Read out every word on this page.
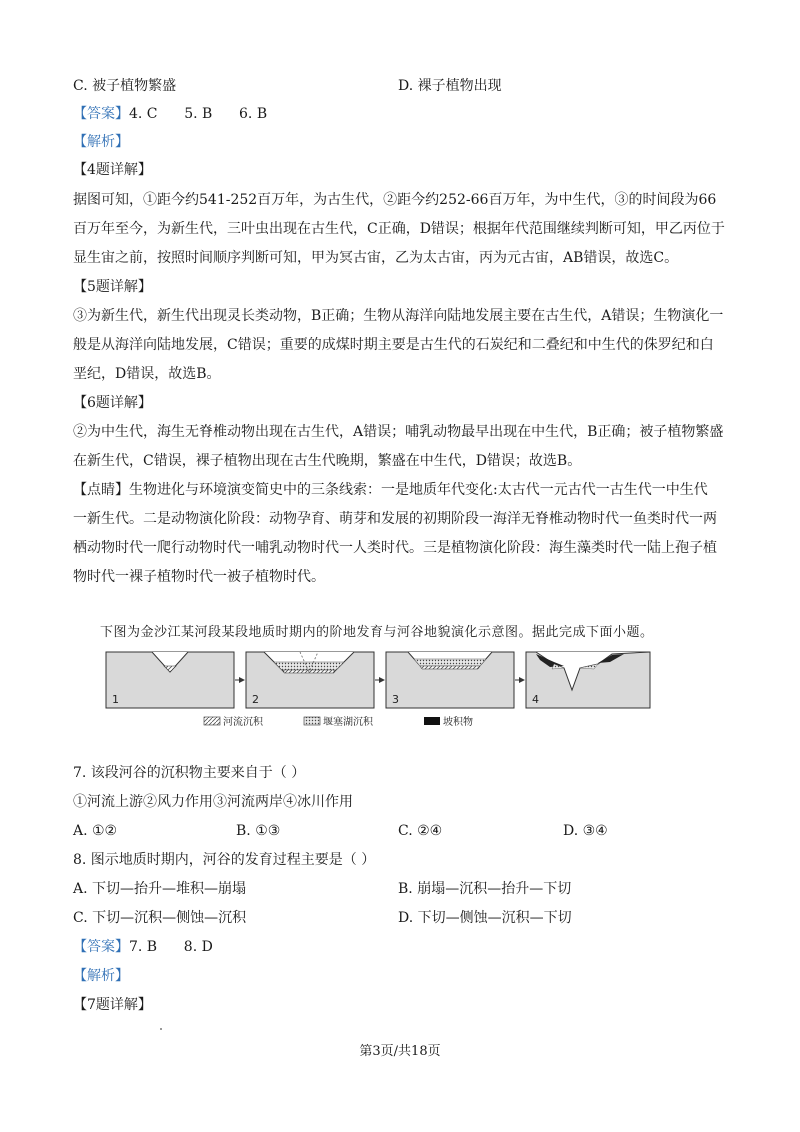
C. 被子植物繁盛	D. 裸子植物出现
【答案】4. C      5. B      6. B
【解析】
【4题详解】
据图可知，①距今约541-252百万年，为古生代，②距今约252-66百万年，为中生代，③的时间段为66
百万年至今，为新生代，三叶虫出现在古生代，C正确，D错误；根据年代范围继续判断可知，甲乙丙位于
显生宙之前，按照时间顺序判断可知，甲为冥古宙，乙为太古宙，丙为元古宙，AB错误，故选C。
【5题详解】
③为新生代，新生代出现灵长类动物，B正确；生物从海洋向陆地发展主要在古生代，A错误；生物演化一
般是从海洋向陆地发展，C错误；重要的成煤时期主要是古生代的石炭纪和二叠纪和中生代的侏罗纪和白
垩纪，D错误，故选B。
【6题详解】
②为中生代，海生无脊椎动物出现在古生代，A错误；哺乳动物最早出现在中生代，B正确；被子植物繁盛
在新生代，C错误，裸子植物出现在古生代晚期，繁盛在中生代，D错误；故选B。
【点睛】生物进化与环境演变简史中的三条线索：一是地质年代变化:太古代一元古代一古生代一中生代
一新生代。二是动物演化阶段：动物孕育、萌芽和发展的初期阶段一海洋无脊椎动物时代一鱼类时代一两
栖动物时代一爬行动物时代一哺乳动物时代一人类时代。三是植物演化阶段：海生藻类时代一陆上孢子植
物时代一裸子植物时代一被子植物时代。
下图为金沙江某河段某段地质时期内的阶地发育与河谷地貌演化示意图。据此完成下面小题。
1	2	3	4
河流沉积	堰塞湖沉积	坡积物
7. 该段河谷的沉积物主要来自于（ ）
①河流上游②风力作用③河流两岸④冰川作用
A. ①②	B. ①③	C. ②④	D. ③④
8. 图示地质时期内，河谷的发育过程主要是（ ）
A. 下切—抬升—堆积—崩塌	B. 崩塌—沉积—抬升—下切
C. 下切—沉积—侧蚀—沉积	D. 下切—侧蚀—沉积—下切
【答案】7. B      8. D
【解析】
【7题详解】
第3页/共18页
